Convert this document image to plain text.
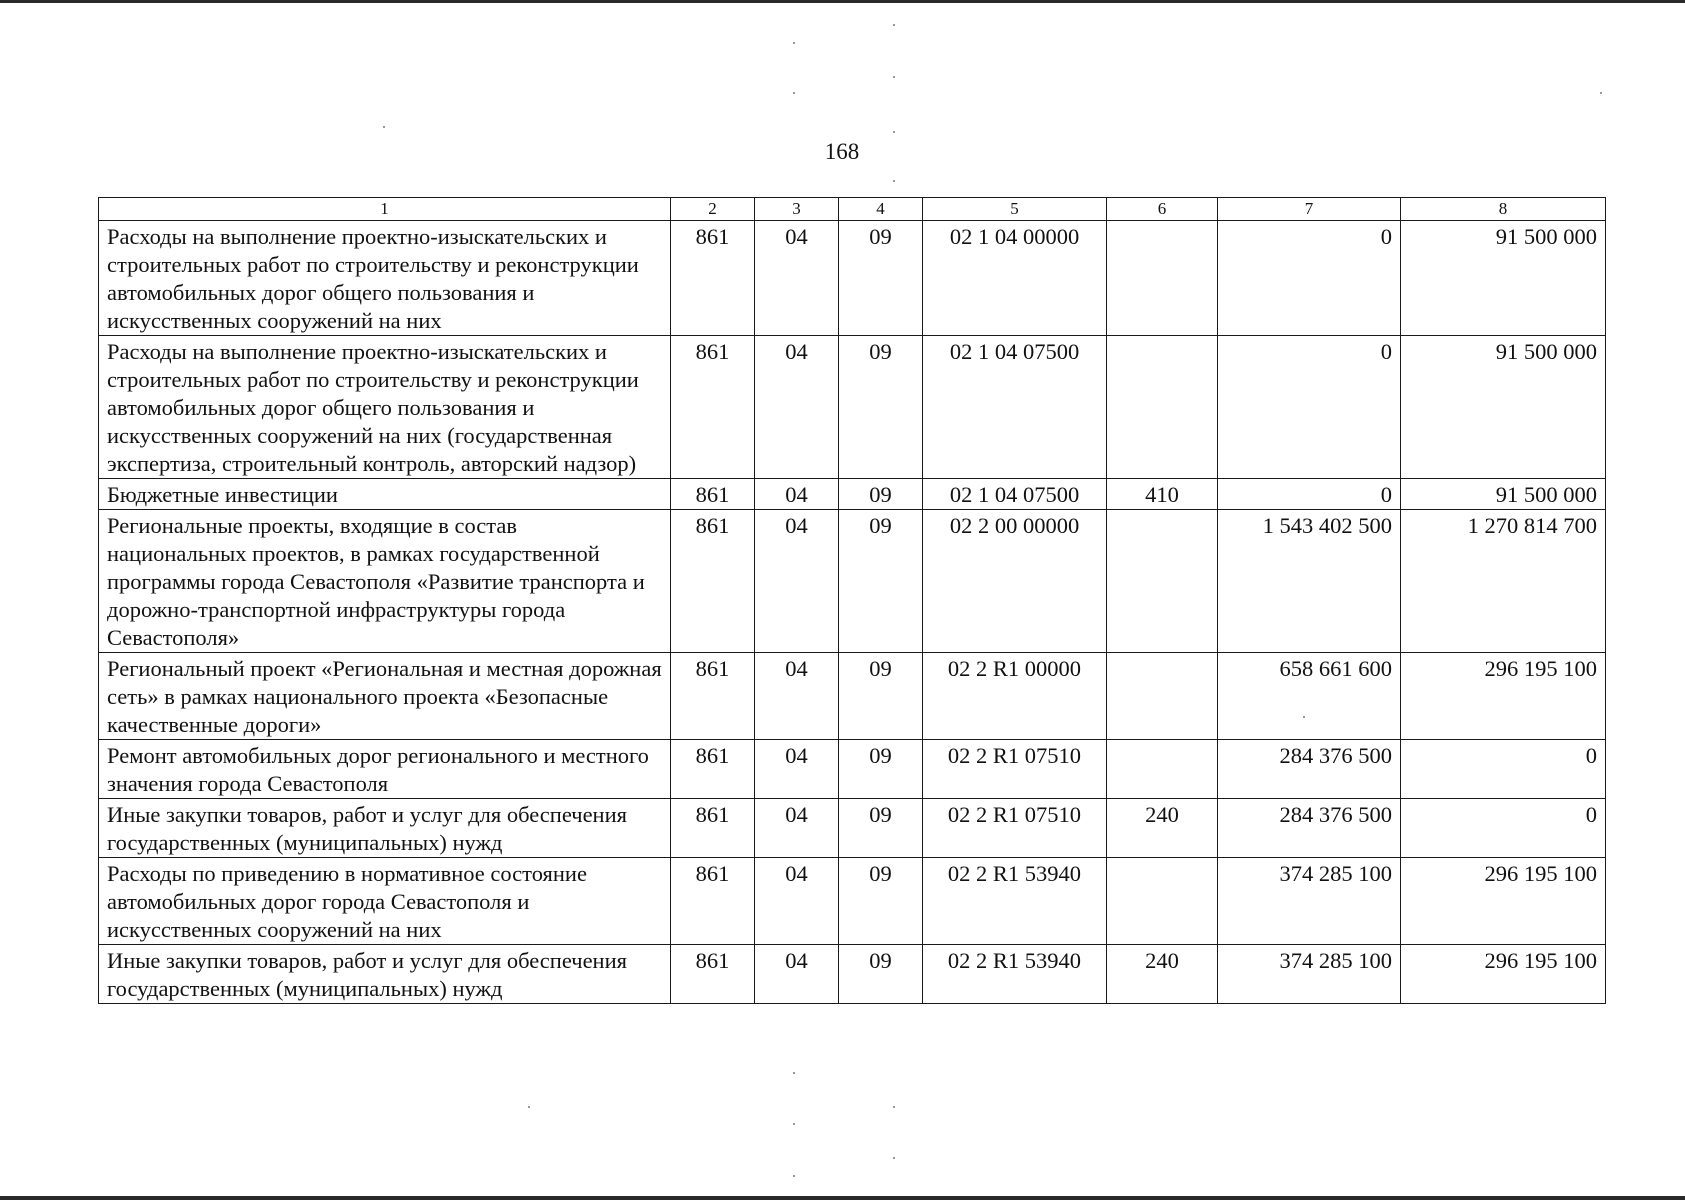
168
1	2	3	4	5	6	7	8
Расходы на выполнение проектно-изыскательских и строительных работ по строительству и реконструкции автомобильных дорог общего пользования и искусственных сооружений на них	861	04	09	02 1 04 00000		0	91 500 000
Расходы на выполнение проектно-изыскательских и строительных работ по строительству и реконструкции автомобильных дорог общего пользования и искусственных сооружений на них (государственная экспертиза, строительный контроль, авторский надзор)	861	04	09	02 1 04 07500		0	91 500 000
Бюджетные инвестиции	861	04	09	02 1 04 07500	410	0	91 500 000
Региональные проекты, входящие в состав национальных проектов, в рамках государственной программы города Севастополя «Развитие транспорта и дорожно-транспортной инфраструктуры города Севастополя»	861	04	09	02 2 00 00000		1 543 402 500	1 270 814 700
Региональный проект «Региональная и местная дорожная сеть» в рамках национального проекта «Безопасные качественные дороги»	861	04	09	02 2 R1 00000		658 661 600	296 195 100
Ремонт автомобильных дорог регионального и местного значения города Севастополя	861	04	09	02 2 R1 07510		284 376 500	0
Иные закупки товаров, работ и услуг для обеспечения государственных (муниципальных) нужд	861	04	09	02 2 R1 07510	240	284 376 500	0
Расходы по приведению в нормативное состояние автомобильных дорог города Севастополя и искусственных сооружений на них	861	04	09	02 2 R1 53940		374 285 100	296 195 100
Иные закупки товаров, работ и услуг для обеспечения государственных (муниципальных) нужд	861	04	09	02 2 R1 53940	240	374 285 100	296 195 100
